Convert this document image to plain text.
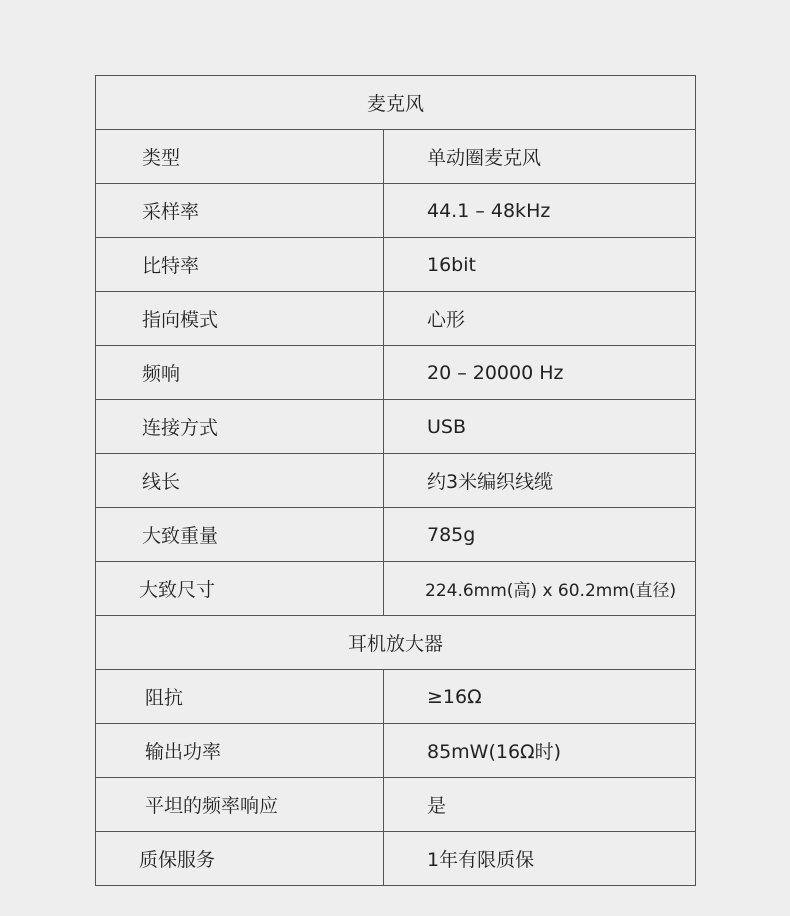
麦克风	
类型	单动圈麦克风
采样率	44.1 – 48kHz
比特率	16bit
指向模式	心形
频响	20 – 20000 Hz
连接方式	USB
线长	约3米编织线缆
大致重量	785g
大致尺寸	224.6mm(高) x 60.2mm(直径)
耳机放大器	
阻抗	≥16Ω
输出功率	85mW(16Ω时)
平坦的频率响应	是
质保服务	1年有限质保
